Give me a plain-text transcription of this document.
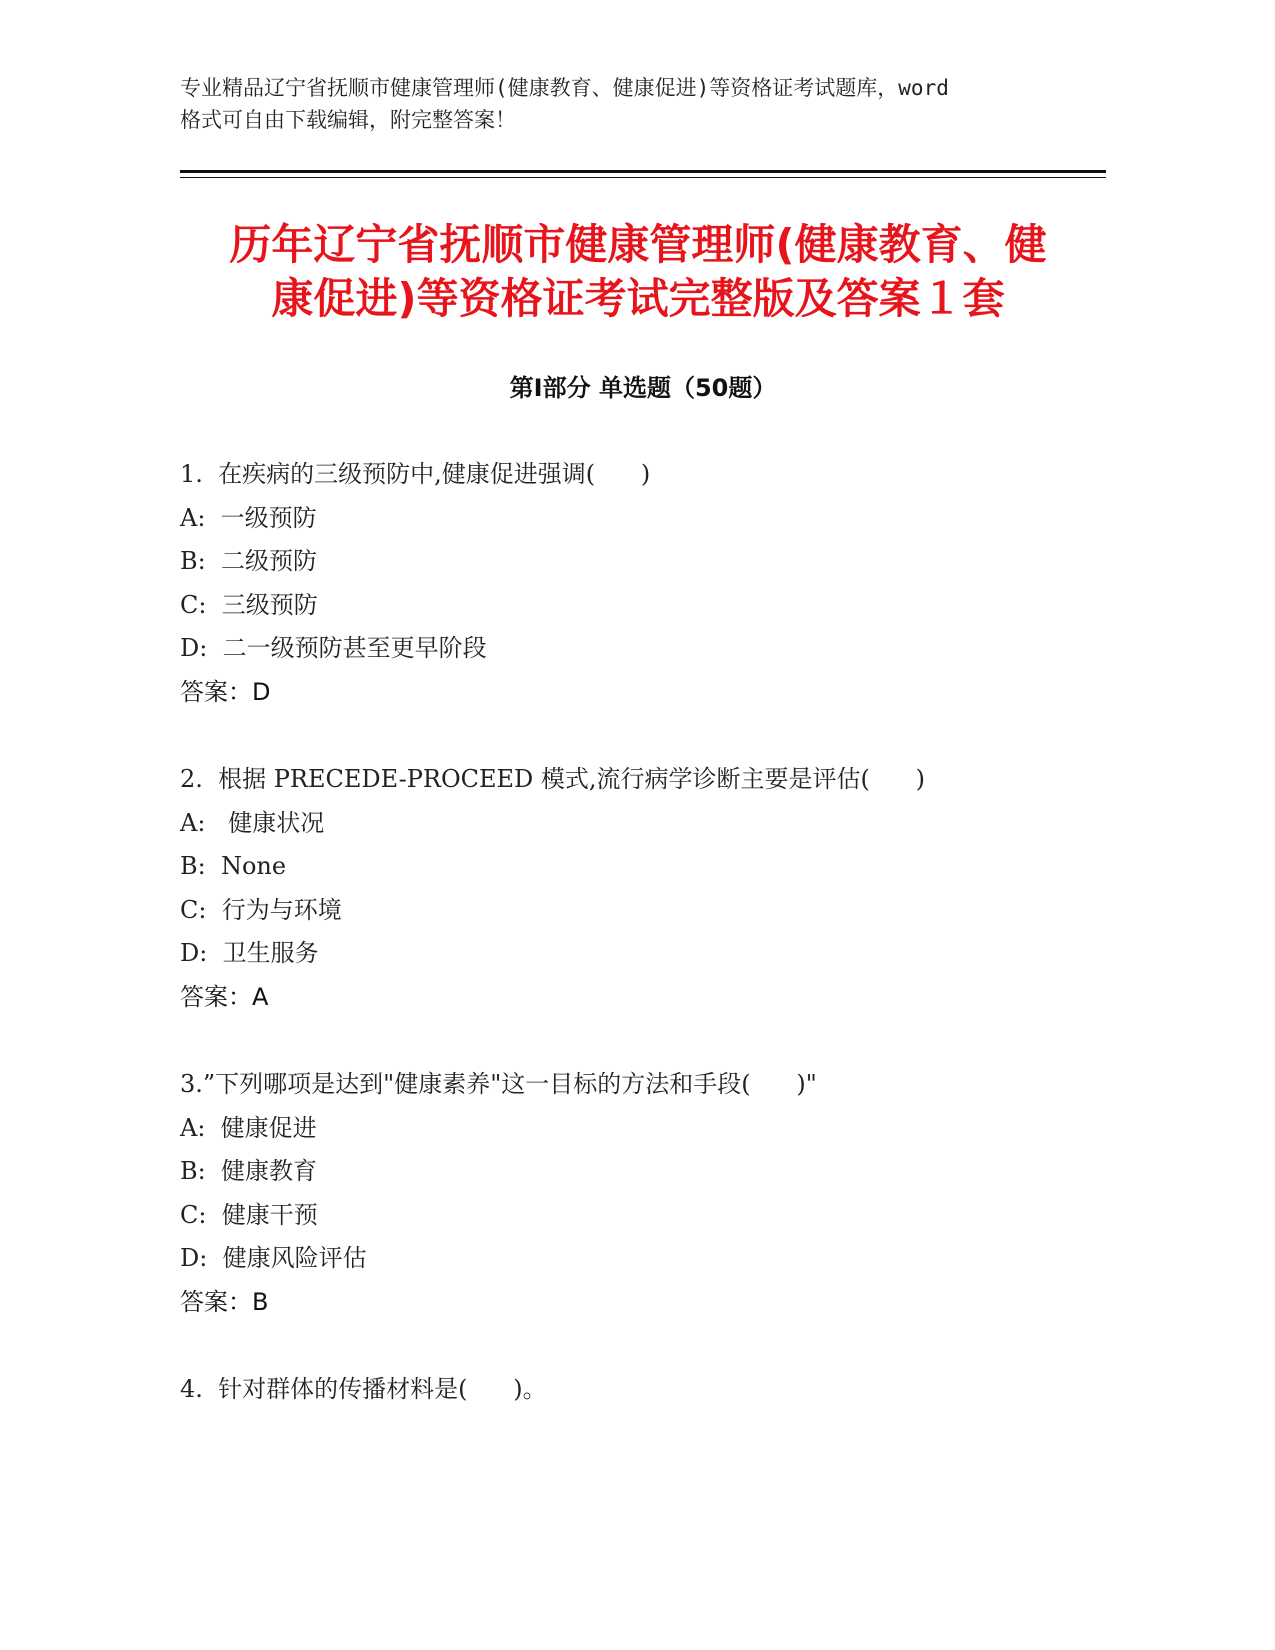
专业精品辽宁省抚顺市健康管理师(健康教育、健康促进)等资格证考试题库，word
格式可自由下载编辑，附完整答案！
历年辽宁省抚顺市健康管理师(健康教育、健
康促进)等资格证考试完整版及答案１套
第Ⅰ部分 单选题（50题）
1.  在疾病的三级预防中,健康促进强调(      )
A:  一级预防
B:  二级预防
C:  三级预防
D:  二一级预防甚至更早阶段
答案：D
2.  根据 PRECEDE-PROCEED 模式,流行病学诊断主要是评估(      )
A:   健康状况
B:  None
C:  行为与环境
D:  卫生服务
答案：A
3.”下列哪项是达到"健康素养"这一目标的方法和手段(      )"
A:  健康促进
B:  健康教育
C:  健康干预
D:  健康风险评估
答案：B
4.  针对群体的传播材料是(      )。
